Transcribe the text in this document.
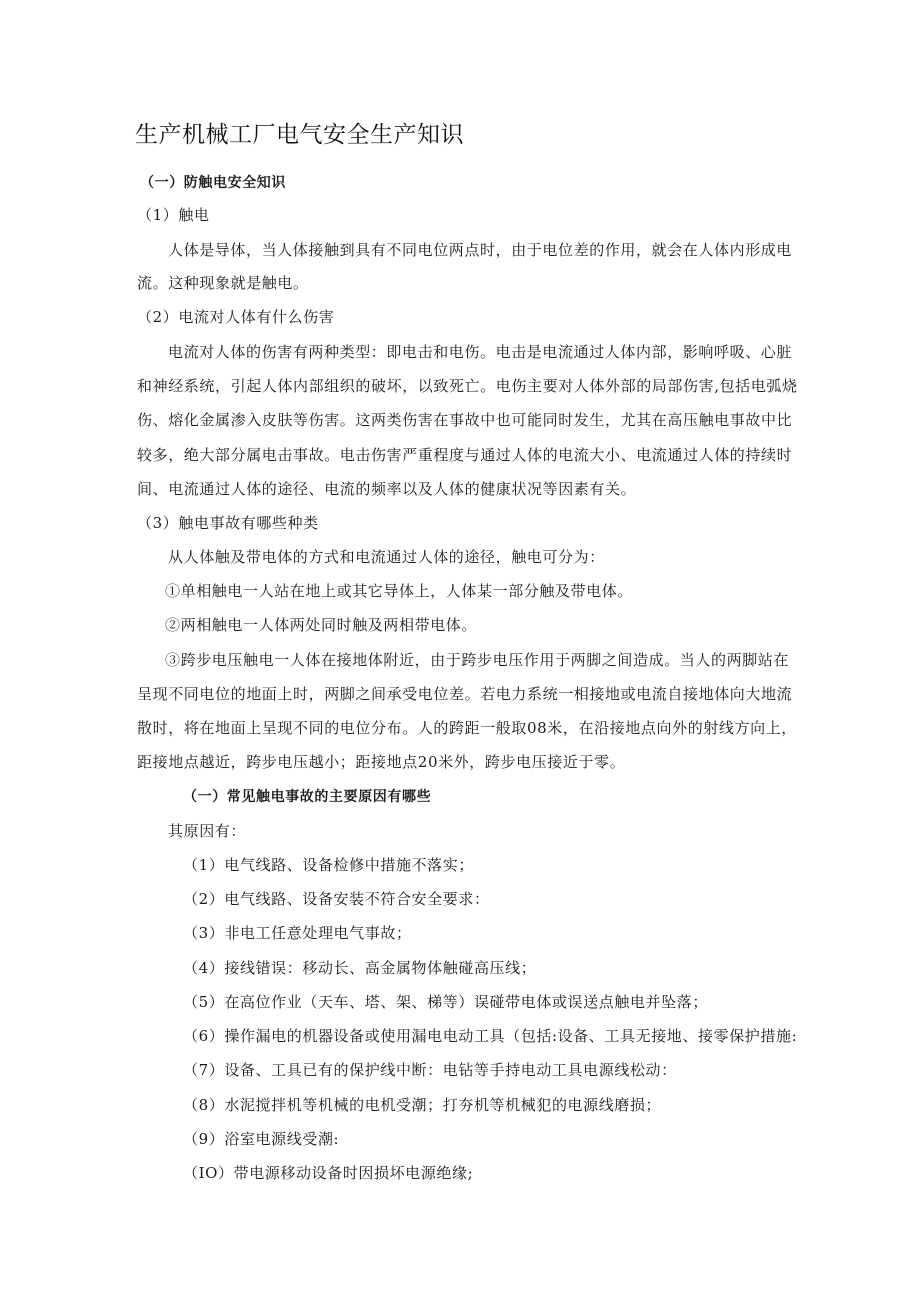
生产机械工厂电气安全生产知识
（一）防触电安全知识
（1）触电
人体是导体，当人体接触到具有不同电位两点时，由于电位差的作用，就会在人体内形成电
流。这种现象就是触电。
（2）电流对人体有什么伤害
电流对人体的伤害有两种类型：即电击和电伤。电击是电流通过人体内部，影响呼吸、心脏
和神经系统，引起人体内部组织的破坏，以致死亡。电伤主要对人体外部的局部伤害,包括电弧烧
伤、熔化金属渗入皮肤等伤害。这两类伤害在事故中也可能同时发生，尤其在高压触电事故中比
较多，绝大部分属电击事故。电击伤害严重程度与通过人体的电流大小、电流通过人体的持续时
间、电流通过人体的途径、电流的频率以及人体的健康状况等因素有关。
（3）触电事故有哪些种类
从人体触及带电体的方式和电流通过人体的途径，触电可分为：
①单相触电一人站在地上或其它导体上，人体某一部分触及带电体。
②两相触电一人体两处同时触及两相带电体。
③跨步电压触电一人体在接地体附近，由于跨步电压作用于两脚之间造成。当人的两脚站在
呈现不同电位的地面上时，两脚之间承受电位差。若电力系统一相接地或电流自接地体向大地流
散时，将在地面上呈现不同的电位分布。人的跨距一般取08米，在沿接地点向外的射线方向上，
距接地点越近，跨步电压越小；距接地点20米外，跨步电压接近于零。
（一）常见触电事故的主要原因有哪些
其原因有：
（1）电气线路、设备检修中措施不落实；
（2）电气线路、设备安装不符合安全要求：
（3）非电工任意处理电气事故；
（4）接线错误：移动长、高金属物体触碰高压线；
（5）在高位作业（天车、塔、架、梯等）误碰带电体或误送点触电并坠落；
（6）操作漏电的机器设备或使用漏电电动工具（包括:设备、工具无接地、接零保护措施:
（7）设备、工具已有的保护线中断：电钻等手持电动工具电源线松动：
（8）水泥搅拌机等机械的电机受潮；打夯机等机械犯的电源线磨损；
（9）浴室电源线受潮:
（IO）带电源移动设备时因损坏电源绝缘;
